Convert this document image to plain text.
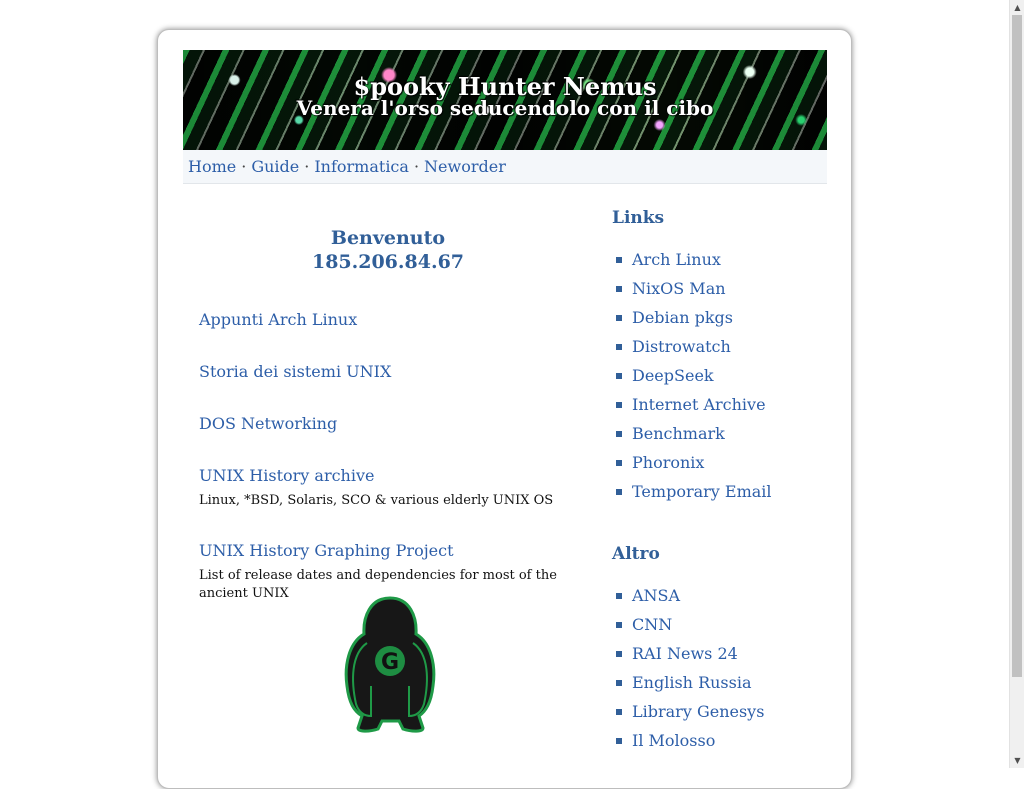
▲
▼
$pooky Hunter Nemus
Venera l'orso seducendolo con il cibo
Home · Guide · Informatica · Neworder
Benvenuto
185.206.84.67
Appunti Arch Linux
Storia dei sistemi UNIX
DOS Networking
UNIX History archive
Linux, *BSD, Solaris, SCO & various elderly UNIX OS
UNIX History Graphing Project
List of release dates and dependencies for most of the ancient UNIX
G
Links
Arch Linux
NixOS Man
Debian pkgs
Distrowatch
DeepSeek
Internet Archive
Benchmark
Phoronix
Temporary Email
Altro
ANSA
CNN
RAI News 24
English Russia
Library Genesys
Il Molosso
